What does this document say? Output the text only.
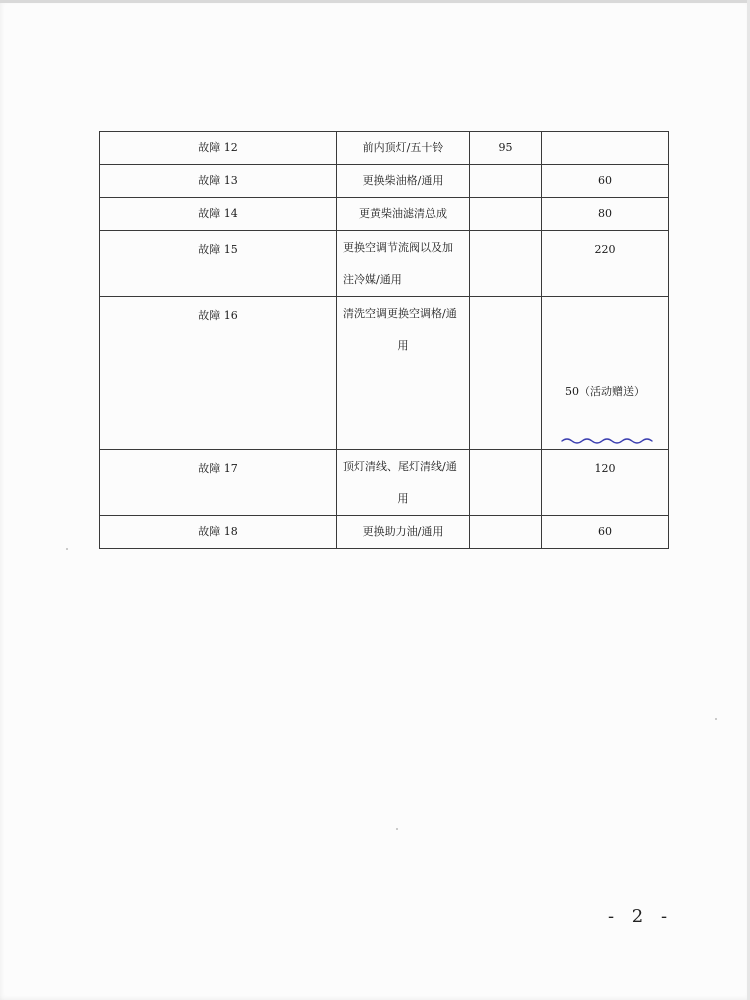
故障 12	前内顶灯/五十铃	95	

故障 13	更换柴油格/通用		60

故障 14	更黄柴油滤清总成		80

故障 15	更换空调节流阀以及加
注冷媒/通用		220

故障 16	清洗空调更换空调格/通
用		50（活动赠送）

故障 17	顶灯清线、尾灯清线/通
用		120

故障 18	更换助力油/通用		60
- 2 -
